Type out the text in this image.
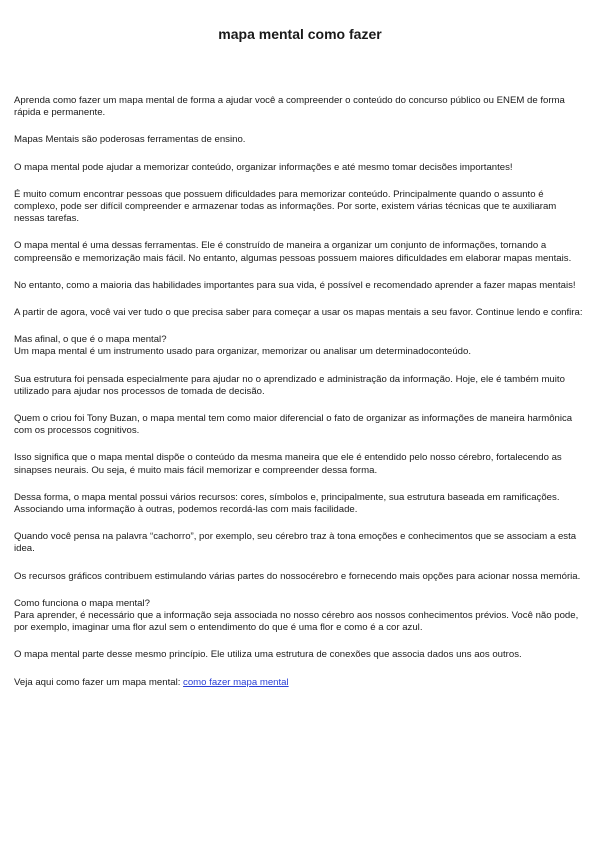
mapa mental como fazer

Aprenda como fazer um mapa mental de forma a ajudar você a compreender o conteúdo do concurso público ou ENEM de forma rápida e permanente.

Mapas Mentais são poderosas ferramentas de ensino.

O mapa mental pode ajudar a memorizar conteúdo, organizar informações e até mesmo tomar decisões importantes!

É muito comum encontrar pessoas que possuem dificuldades para memorizar conteúdo. Principalmente quando o assunto é complexo, pode ser difícil compreender e armazenar todas as informações. Por sorte, existem várias técnicas que te auxiliaram nessas tarefas.

O mapa mental é uma dessas ferramentas. Ele é construído de maneira a organizar um conjunto de informações, tornando a compreensão e memorização mais fácil. No entanto, algumas pessoas possuem maiores dificuldades em elaborar mapas mentais.

No entanto, como a maioria das habilidades importantes para sua vida, é possível e recomendado aprender a fazer mapas mentais!

A partir de agora, você vai ver tudo o que precisa saber para começar a usar os mapas mentais a seu favor. Continue lendo e confira:

Mas afinal, o que é o mapa mental?
Um mapa mental é um instrumento usado para organizar, memorizar ou analisar um determinadoconteúdo.

Sua estrutura foi pensada especialmente para ajudar no o aprendizado e administração da informação. Hoje, ele é também muito utilizado para ajudar nos processos de tomada de decisão.

Quem o criou foi Tony Buzan, o mapa mental tem como maior diferencial o fato de organizar as informações de maneira harmônica com os processos cognitivos.

Isso significa que o mapa mental dispõe o conteúdo da mesma maneira que ele é entendido pelo nosso cérebro, fortalecendo as sinapses neurais. Ou seja, é muito mais fácil memorizar e compreender dessa forma.

Dessa forma, o mapa mental possui vários recursos: cores, símbolos e, principalmente, sua estrutura baseada em ramificações. Associando uma informação à outras, podemos recordá-las com mais facilidade.

Quando você pensa na palavra “cachorro”, por exemplo, seu cérebro traz à tona emoções e conhecimentos que se associam a esta idea.

Os recursos gráficos contribuem estimulando várias partes do nossocérebro e fornecendo mais opções para acionar nossa memória.

Como funciona o mapa mental?
Para aprender, é necessário que a informação seja associada no nosso cérebro aos nossos conhecimentos prévios. Você não pode, por exemplo, imaginar uma flor azul sem o entendimento do que é uma flor e como é a cor azul.

O mapa mental parte desse mesmo princípio. Ele utiliza uma estrutura de conexões que associa dados uns aos outros.

Veja aqui como fazer um mapa mental: como fazer mapa mental
